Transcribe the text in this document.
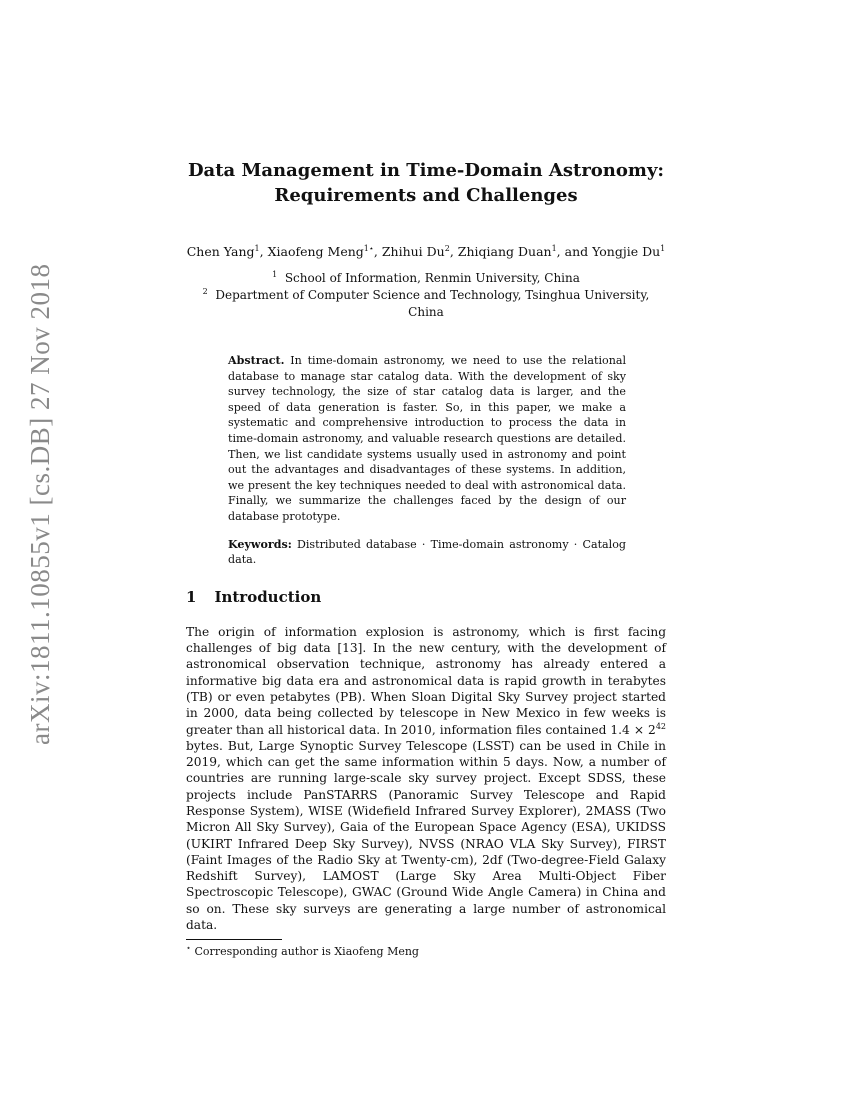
arXiv:1811.10855v1 [cs.DB] 27 Nov 2018
Data Management in Time-Domain Astronomy:
Requirements and Challenges
Chen Yang$^1$, Xiaofeng Meng$^{1⋆}$, Zhihui Du$^2$, Zhiqiang Duan$^1$, and Yongjie Du$^1$
$^1$ School of Information, Renmin University, China
$^2$ Department of Computer Science and Technology, Tsinghua University, China
Abstract. In time-domain astronomy, we need to use the relational database to manage star catalog data. With the development of sky survey technology, the size of star catalog data is larger, and the speed of data generation is faster. So, in this paper, we make a systematic and comprehensive introduction to process the data in time-domain astronomy, and valuable research questions are detailed. Then, we list candidate systems usually used in astronomy and point out the advantages and disadvantages of these systems. In addition, we present the key techniques needed to deal with astronomical data. Finally, we summarize the challenges faced by the design of our database prototype.
Keywords: Distributed database · Time-domain astronomy · Catalog data.
1 Introduction
The origin of information explosion is astronomy, which is first facing challenges of big data [13]. In the new century, with the development of astronomical observation technique, astronomy has already entered a informative big data era and astronomical data is rapid growth in terabytes (TB) or even petabytes (PB). When Sloan Digital Sky Survey project started in 2000, data being collected by telescope in New Mexico in few weeks is greater than all historical data. In 2010, information files contained $1.4 \times 2^{42}$ bytes. But, Large Synoptic Survey Telescope (LSST) can be used in Chile in 2019, which can get the same information within 5 days. Now, a number of countries are running large-scale sky survey project. Except SDSS, these projects include PanSTARRS (Panoramic Survey Telescope and Rapid Response System), WISE (Widefield Infrared Survey Explorer), 2MASS (Two Micron All Sky Survey), Gaia of the European Space Agency (ESA), UKIDSS (UKIRT Infrared Deep Sky Survey), NVSS (NRAO VLA Sky Survey), FIRST (Faint Images of the Radio Sky at Twenty-cm), 2df (Two-degree-Field Galaxy Redshift Survey), LAMOST (Large Sky Area Multi-Object Fiber Spectroscopic Telescope), GWAC (Ground Wide Angle Camera) in China and so on. These sky surveys are generating a large number of astronomical data.
⋆ Corresponding author is Xiaofeng Meng
